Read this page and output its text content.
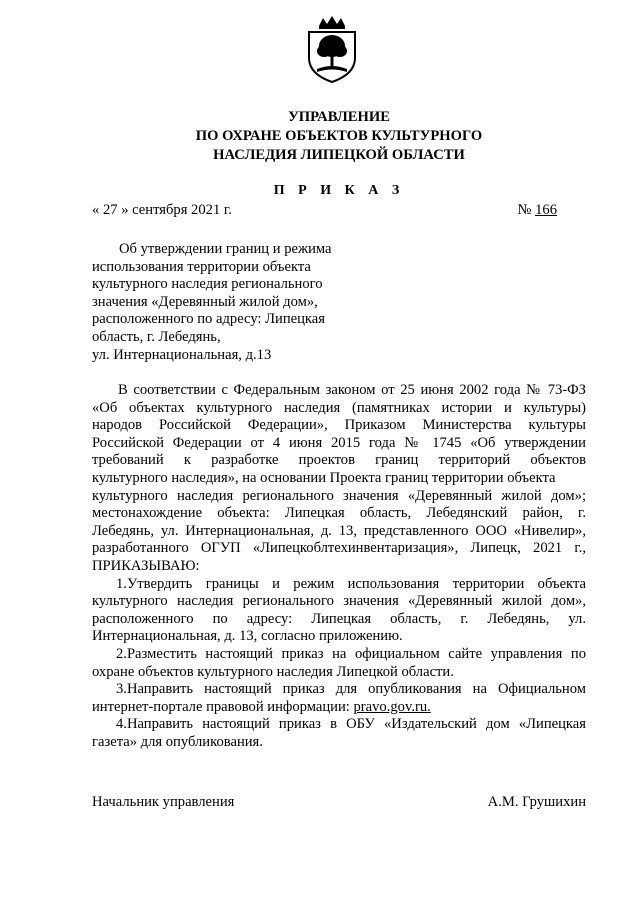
УПРАВЛЕНИЕ
ПО ОХРАНЕ ОБЪЕКТОВ КУЛЬТУРНОГО
НАСЛЕДИЯ ЛИПЕЦКОЙ ОБЛАСТИ
П Р И К А З
« 27 » сентября 2021 г.	№ 166
Об утверждении границ и режима
использования территории объекта
культурного наследия регионального
значения «Деревянный жилой дом»,
расположенного по адресу: Липецкая
область, г. Лебедянь,
ул. Интернациональная, д.13
В соответствии с Федеральным законом от 25 июня 2002 года № 73-ФЗ
«Об объектах культурного наследия (памятниках истории и культуры)
народов Российской Федерации», Приказом Министерства культуры
Российской Федерации от 4 июня 2015 года № 1745 «Об утверждении
требований к разработке проектов границ территорий объектов
культурного наследия», на основании Проекта границ территории объекта
культурного наследия регионального значения «Деревянный жилой дом»;
местонахождение объекта: Липецкая область, Лебедянский район, г.
Лебедянь, ул. Интернациональная, д. 13, представленного ООО «Нивелир»,
разработанного ОГУП «Липецкоблтехинвентаризация», Липецк, 2021 г.,
ПРИКАЗЫВАЮ:
1.Утвердить границы и режим использования территории объекта
культурного наследия регионального значения «Деревянный жилой дом»,
расположенного по адресу: Липецкая область, г. Лебедянь, ул.
Интернациональная, д. 13, согласно приложению.
2.Разместить настоящий приказ на официальном сайте управления по
охране объектов культурного наследия Липецкой области.
3.Направить настоящий приказ для опубликования на Официальном
интернет-портале правовой информации: pravo.gov.ru.
4.Направить настоящий приказ в ОБУ «Издательский дом «Липецкая
газета» для опубликования.
Начальник управления	А.М. Грушихин
